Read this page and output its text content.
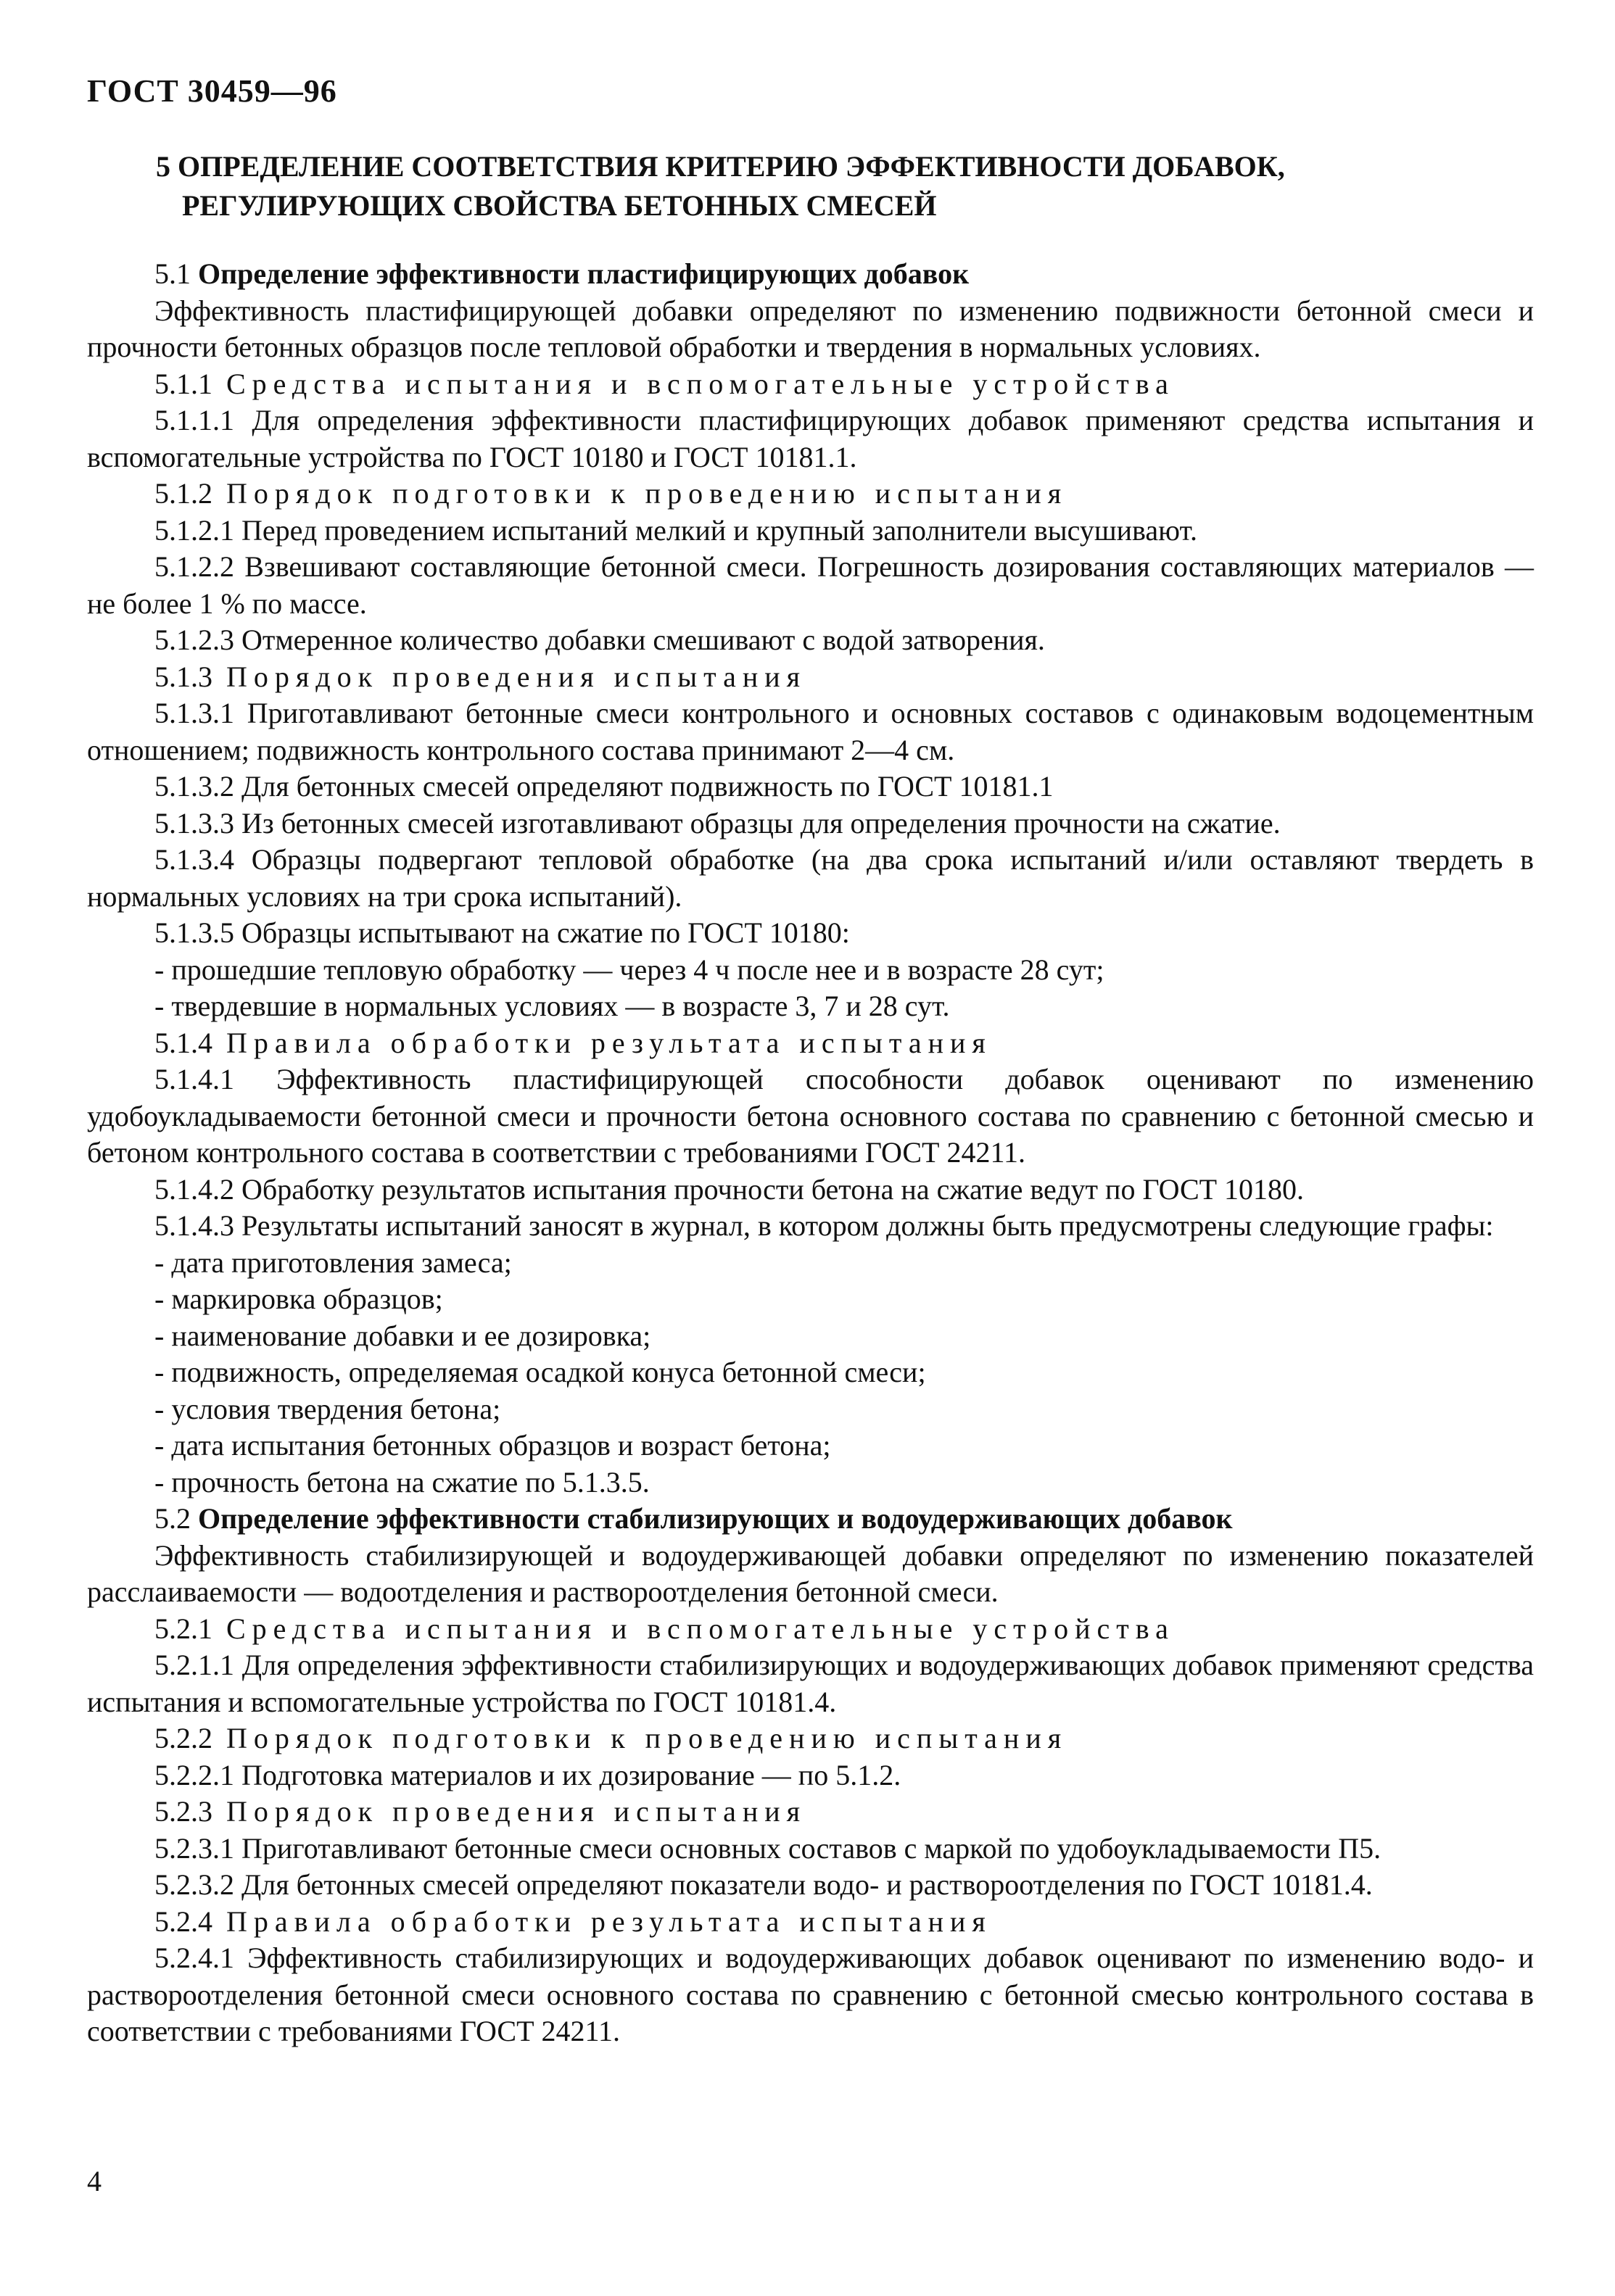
ГОСТ 30459—96
5 ОПРЕДЕЛЕНИЕ СООТВЕТСТВИЯ КРИТЕРИЮ ЭФФЕКТИВНОСТИ ДОБАВОК,
РЕГУЛИРУЮЩИХ СВОЙСТВА БЕТОННЫХ СМЕСЕЙ

5.1 Определение эффективности пластифицирующих добавок

Эффективность пластифицирующей добавки определяют по изменению подвижности бетонной смеси и прочности бетонных образцов после тепловой обработки и твердения в нормальных условиях.

5.1.1 Средства испытания и вспомогательные устройства

5.1.1.1 Для определения эффективности пластифицирующих добавок применяют средства испытания и вспомогательные устройства по ГОСТ 10180 и ГОСТ 10181.1.

5.1.2 Порядок подготовки к проведению испытания

5.1.2.1 Перед проведением испытаний мелкий и крупный заполнители высушивают.

5.1.2.2 Взвешивают составляющие бетонной смеси. Погрешность дозирования составляющих материалов — не более 1 % по массе.

5.1.2.3 Отмеренное количество добавки смешивают с водой затворения.

5.1.3 Порядок проведения испытания

5.1.3.1 Приготавливают бетонные смеси контрольного и основных составов с одинаковым водоцементным отношением; подвижность контрольного состава принимают 2—4 см.

5.1.3.2 Для бетонных смесей определяют подвижность по ГОСТ 10181.1

5.1.3.3 Из бетонных смесей изготавливают образцы для определения прочности на сжатие.

5.1.3.4 Образцы подвергают тепловой обработке (на два срока испытаний и/или оставляют твердеть в нормальных условиях на три срока испытаний).

5.1.3.5 Образцы испытывают на сжатие по ГОСТ 10180:

- прошедшие тепловую обработку — через 4 ч после нее и в возрасте 28 сут;

- твердевшие в нормальных условиях — в возрасте 3, 7 и 28 сут.

5.1.4 Правила обработки результата испытания

5.1.4.1 Эффективность пластифицирующей способности добавок оценивают по изменению удобоукладываемости бетонной смеси и прочности бетона основного состава по сравнению с бетонной смесью и бетоном контрольного состава в соответствии с требованиями ГОСТ 24211.

5.1.4.2 Обработку результатов испытания прочности бетона на сжатие ведут по ГОСТ 10180.

5.1.4.3 Результаты испытаний заносят в журнал, в котором должны быть предусмотрены следующие графы:

- дата приготовления замеса;

- маркировка образцов;

- наименование добавки и ее дозировка;

- подвижность, определяемая осадкой конуса бетонной смеси;

- условия твердения бетона;

- дата испытания бетонных образцов и возраст бетона;

- прочность бетона на сжатие по 5.1.3.5.

5.2 Определение эффективности стабилизирующих и водоудерживающих добавок

Эффективность стабилизирующей и водоудерживающей добавки определяют по изменению показателей расслаиваемости — водоотделения и раствороотделения бетонной смеси.

5.2.1 Средства испытания и вспомогательные устройства

5.2.1.1 Для определения эффективности стабилизирующих и водоудерживающих добавок применяют средства испытания и вспомогательные устройства по ГОСТ 10181.4.

5.2.2 Порядок подготовки к проведению испытания

5.2.2.1 Подготовка материалов и их дозирование — по 5.1.2.

5.2.3 Порядок проведения испытания

5.2.3.1 Приготавливают бетонные смеси основных составов с маркой по удобоукладываемости П5.

5.2.3.2 Для бетонных смесей определяют показатели водо- и раствороотделения по ГОСТ 10181.4.

5.2.4 Правила обработки результата испытания

5.2.4.1 Эффективность стабилизирующих и водоудерживающих добавок оценивают по изменению водо- и раствороотделения бетонной смеси основного состава по сравнению с бетонной смесью контрольного состава в соответствии с требованиями ГОСТ 24211.

4
